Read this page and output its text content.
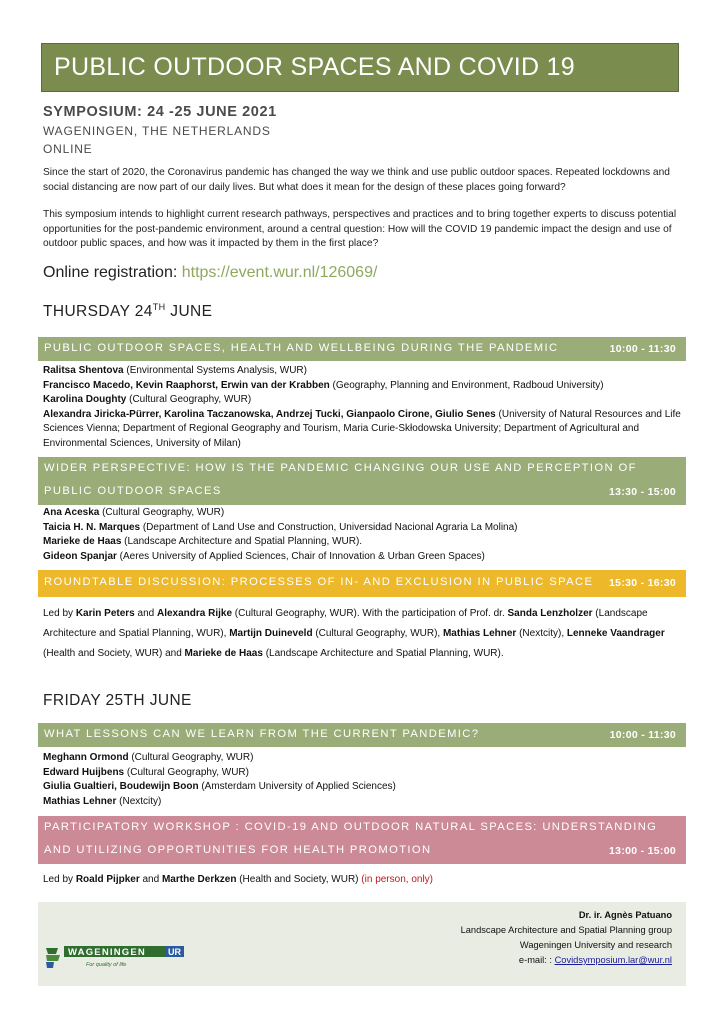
PUBLIC OUTDOOR SPACES AND COVID 19
SYMPOSIUM: 24 -25 JUNE 2021
WAGENINGEN, THE NETHERLANDS
ONLINE

Since the start of 2020, the Coronavirus pandemic has changed the way we think and use public outdoor spaces. Repeated lockdowns and social distancing are now part of our daily lives. But what does it mean for the design of these places going forward?

This symposium intends to highlight current research pathways, perspectives and practices and to bring together experts to discuss potential opportunities for the post-pandemic environment, around a central question: How will the COVID 19 pandemic impact the design and use of outdoor public spaces, and how was it impacted by them in the first place?

Online registration: https://event.wur.nl/126069/
THURSDAY 24TH JUNE
PUBLIC OUTDOOR SPACES, HEALTH AND WELLBEING DURING THE PANDEMIC	10:00 - 11:30

Ralitsa Shentova (Environmental Systems Analysis, WUR)

Francisco Macedo, Kevin Raaphorst, Erwin van der Krabben (Geography, Planning and Environment, Radboud University)

Karolina Doughty (Cultural Geography, WUR)

Alexandra Jiricka-Pürrer, Karolina Taczanowska, Andrzej Tucki, Gianpaolo Cirone, Giulio Senes (University of Natural Resources and Life Sciences Vienna; Department of Regional Geography and Tourism, Maria Curie-Skłodowska University; Department of Agricultural and Environmental Sciences, University of Milan)

WIDER PERSPECTIVE: HOW IS THE PANDEMIC CHANGING OUR USE AND PERCEPTION OF
PUBLIC OUTDOOR SPACES	13:30 - 15:00

Ana Aceska (Cultural Geography, WUR)

Taicia H. N. Marques (Department of Land Use and Construction, Universidad Nacional Agraria La Molina)

Marieke de Haas (Landscape Architecture and Spatial Planning, WUR).

Gideon Spanjar (Aeres University of Applied Sciences, Chair of Innovation & Urban Green Spaces)

ROUNDTABLE DISCUSSION: PROCESSES OF IN- AND EXCLUSION IN PUBLIC SPACE 15:30 - 16:30
Led by Karin Peters and Alexandra Rijke (Cultural Geography, WUR). With the participation of Prof. dr. Sanda Lenzholzer (Landscape Architecture and Spatial Planning, WUR), Martijn Duineveld (Cultural Geography, WUR), Mathias Lehner (Nextcity), Lenneke Vaandrager (Health and Society, WUR) and Marieke de Haas (Landscape Architecture and Spatial Planning, WUR).
FRIDAY 25TH JUNE
WHAT LESSONS CAN WE LEARN FROM THE CURRENT PANDEMIC?	10:00 - 11:30

Meghann Ormond (Cultural Geography, WUR)

Edward Huijbens (Cultural Geography, WUR)

Giulia Gualtieri, Boudewijn Boon (Amsterdam University of Applied Sciences)

Mathias Lehner (Nextcity)

PARTICIPATORY WORKSHOP : COVID-19 AND OUTDOOR NATURAL SPACES: UNDERSTANDING
AND UTILIZING OPPORTUNITIES FOR HEALTH PROMOTION	13:00 - 15:00
Led by Roald Pijpker and Marthe Derkzen (Health and Society, WUR) (in person, only)
WAGENINGEN UR
For quality of life
Dr. ir. Agnès Patuano
Landscape Architecture and Spatial Planning group
Wageningen University and research
e-mail: : Covidsymposium.lar@wur.nl
